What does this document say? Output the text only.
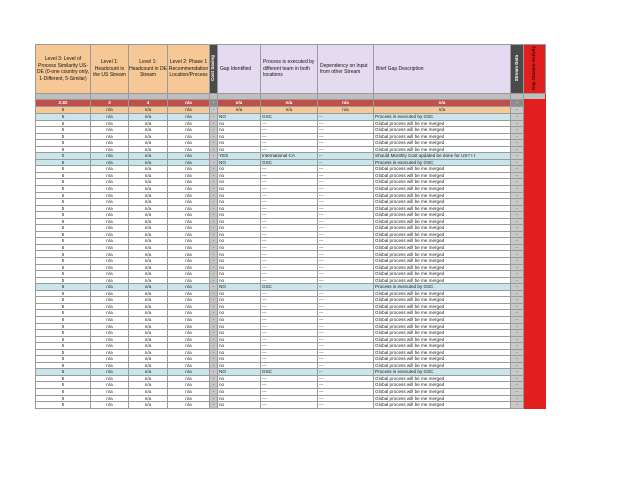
Level 3: Level of Process Similarity US-DE (0-one country only, 1-Different, 5-Similar)	Level 1: Headcount in the US Stream	Level 1: Headcount in DE Stream	Level 2: Phase 1 Recommendation Location/Process	Cost Saving	Gap Identified	Process is executed by different team in both locations	Dependency on Input from other Stream	Brief Gap Description	Stream Data	Gap Closure Activity

2.82	2	4	n/a	-	n/a	n/a	n/a	n/a	-	
5	n/a	n/a	n/a	-	n/a	n/a	n/a	n/a	-	
5	n/a	n/a	n/a	-	NO	GSC	--	Process is executed by GSC	-	
5	n/a	n/a	n/a	-	no	---	---	Global process will be me merged	-	
5	n/a	n/a	n/a	-	no	---	---	Global process will be me merged	-	
5	n/a	n/a	n/a	-	no	---	---	Global process will be me merged	-	
5	n/a	n/a	n/a	-	no	---	---	Global process will be me merged	-	
5	n/a	n/a	n/a	-	no	---	---	Global process will be me merged	-	
0	n/a	n/a	n/a	-	YES	International CA	--	Should Monthly Cost updated be done for US? I t	-	
5	n/a	n/a	n/a	-	NO	GSC	--	Process is executed by GSC	-	
5	n/a	n/a	n/a	-	no	---	---	Global process will be me merged	-	
5	n/a	n/a	n/a	-	no	---	---	Global process will be me merged	-	
5	n/a	n/a	n/a	-	no	---	---	Global process will be me merged	-	
5	n/a	n/a	n/a	-	no	---	---	Global process will be me merged	-	
5	n/a	n/a	n/a	-	no	---	---	Global process will be me merged	-	
5	n/a	n/a	n/a	-	no	---	---	Global process will be me merged	-	
5	n/a	n/a	n/a	-	no	---	---	Global process will be me merged	-	
5	n/a	n/a	n/a	-	no	---	---	Global process will be me merged	-	
5	n/a	n/a	n/a	-	no	---	---	Global process will be me merged	-	
5	n/a	n/a	n/a	-	no	---	---	Global process will be me merged	-	
5	n/a	n/a	n/a	-	no	---	---	Global process will be me merged	-	
5	n/a	n/a	n/a	-	no	---	---	Global process will be me merged	-	
5	n/a	n/a	n/a	-	no	---	---	Global process will be me merged	-	
5	n/a	n/a	n/a	-	no	---	---	Global process will be me merged	-	
5	n/a	n/a	n/a	-	no	---	---	Global process will be me merged	-	
5	n/a	n/a	n/a	-	no	---	---	Global process will be me merged	-	
5	n/a	n/a	n/a	-	no	---	---	Global process will be me merged	-	
5	n/a	n/a	n/a	-	no	---	---	Global process will be me merged	-	
5	n/a	n/a	n/a	-	NO	GSC	--	Process is executed by GSC	-	
5	n/a	n/a	n/a	-	no	---	---	Global process will be me merged	-	
5	n/a	n/a	n/a	-	no	---	---	Global process will be me merged	-	
5	n/a	n/a	n/a	-	no	---	---	Global process will be me merged	-	
5	n/a	n/a	n/a	-	no	---	---	Global process will be me merged	-	
5	n/a	n/a	n/a	-	no	---	---	Global process will be me merged	-	
5	n/a	n/a	n/a	-	no	---	---	Global process will be me merged	-	
5	n/a	n/a	n/a	-	no	---	---	Global process will be me merged	-	
5	n/a	n/a	n/a	-	no	---	---	Global process will be me merged	-	
5	n/a	n/a	n/a	-	no	---	---	Global process will be me merged	-	
5	n/a	n/a	n/a	-	no	---	---	Global process will be me merged	-	
5	n/a	n/a	n/a	-	no	---	---	Global process will be me merged	-	
5	n/a	n/a	n/a	-	no	---	---	Global process will be me merged	-	
5	n/a	n/a	n/a	-	NO	GSC	--	Process is executed by GSC	-	
5	n/a	n/a	n/a	-	no	---	---	Global process will be me merged	-	
5	n/a	n/a	n/a	-	no	---	---	Global process will be me merged	-	
5	n/a	n/a	n/a	-	no	---	---	Global process will be me merged	-	
5	n/a	n/a	n/a	-	no	---	---	Global process will be me merged	-	
5	n/a	n/a	n/a	-	no	---	---	Global process will be me merged	-	
